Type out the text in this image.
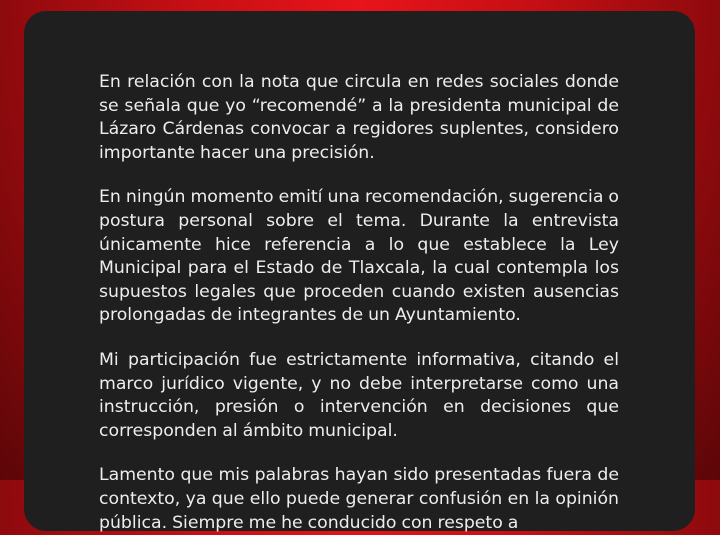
En relación con la nota que circula en redes sociales donde se señala que yo “recomendé” a la presidenta municipal de Lázaro Cárdenas convocar a regidores suplentes, considero importante hacer una precisión.

En ningún momento emití una recomendación, sugerencia o postura personal sobre el tema. Durante la entrevista únicamente hice referencia a lo que establece la Ley Municipal para el Estado de Tlaxcala, la cual contempla los supuestos legales que proceden cuando existen ausencias prolongadas de integrantes de un Ayuntamiento.

Mi participación fue estrictamente informativa, citando el marco jurídico vigente, y no debe interpretarse como una instrucción, presión o intervención en decisiones que corresponden al ámbito municipal.

Lamento que mis palabras hayan sido presentadas fuera de contexto, ya que ello puede generar confusión en la opinión pública. Siempre me he conducido con respeto a
